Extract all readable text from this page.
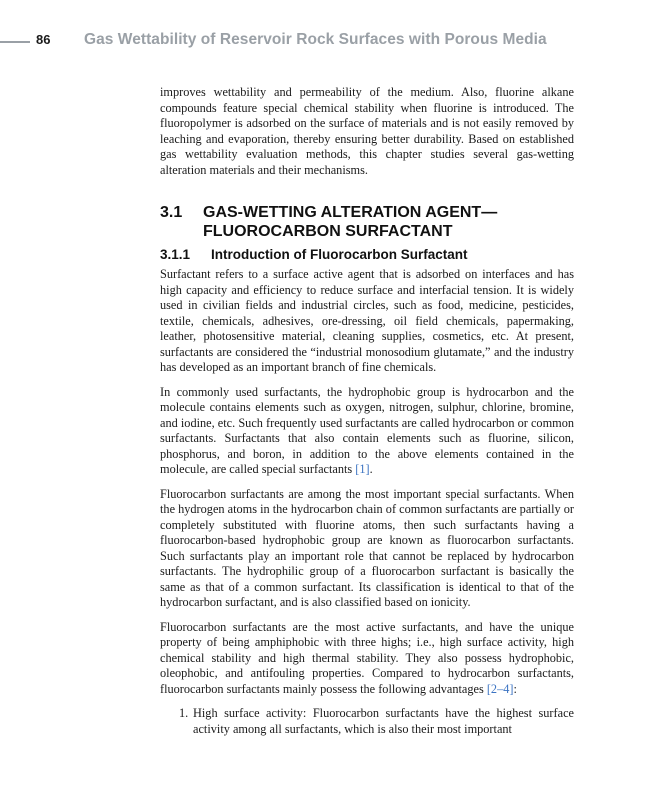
86 Gas Wettability of Reservoir Rock Surfaces with Porous Media

improves wettability and permeability of the medium. Also, fluorine alkane compounds feature special chemical stability when fluorine is introduced. The fluoropolymer is adsorbed on the surface of materials and is not easily removed by leaching and evaporation, thereby ensuring better durability. Based on established gas wettability evaluation methods, this chapter studies several gas-wetting alteration materials and their mechanisms.

3.1	GAS-WETTING ALTERATION AGENT—FLUOROCARBON SURFACTANT
3.1.1	Introduction of Fluorocarbon Surfactant

Surfactant refers to a surface active agent that is adsorbed on interfaces and has high capacity and efficiency to reduce surface and interfacial tension. It is widely used in civilian fields and industrial circles, such as food, medicine, pesticides, textile, chemicals, adhesives, ore-dressing, oil field chemicals, papermaking, leather, photosensitive material, cleaning supplies, cosmetics, etc. At present, surfactants are considered the “industrial monosodium glutamate,” and the industry has developed as an important branch of fine chemicals.

In commonly used surfactants, the hydrophobic group is hydrocarbon and the molecule contains elements such as oxygen, nitrogen, sulphur, chlorine, bromine, and iodine, etc. Such frequently used surfactants are called hydrocarbon or common surfactants. Surfactants that also contain elements such as fluorine, silicon, phosphorus, and boron, in addition to the above elements contained in the molecule, are called special surfactants [1].

Fluorocarbon surfactants are among the most important special surfactants. When the hydrogen atoms in the hydrocarbon chain of common surfactants are partially or completely substituted with fluorine atoms, then such surfactants having a fluorocarbon-based hydrophobic group are known as fluorocarbon surfactants. Such surfactants play an important role that cannot be replaced by hydrocarbon surfactants. The hydrophilic group of a fluorocarbon surfactant is basically the same as that of a common surfactant. Its classification is identical to that of the hydrocarbon surfactant, and is also classified based on ionicity.

Fluorocarbon surfactants are the most active surfactants, and have the unique property of being amphiphobic with three highs; i.e., high surface activity, high chemical stability and high thermal stability. They also possess hydrophobic, oleophobic, and antifouling properties. Compared to hydrocarbon surfactants, fluorocarbon surfactants mainly possess the following advantages [2–4]:

1. High surface activity: Fluorocarbon surfactants have the highest surface activity among all surfactants, which is also their most important
